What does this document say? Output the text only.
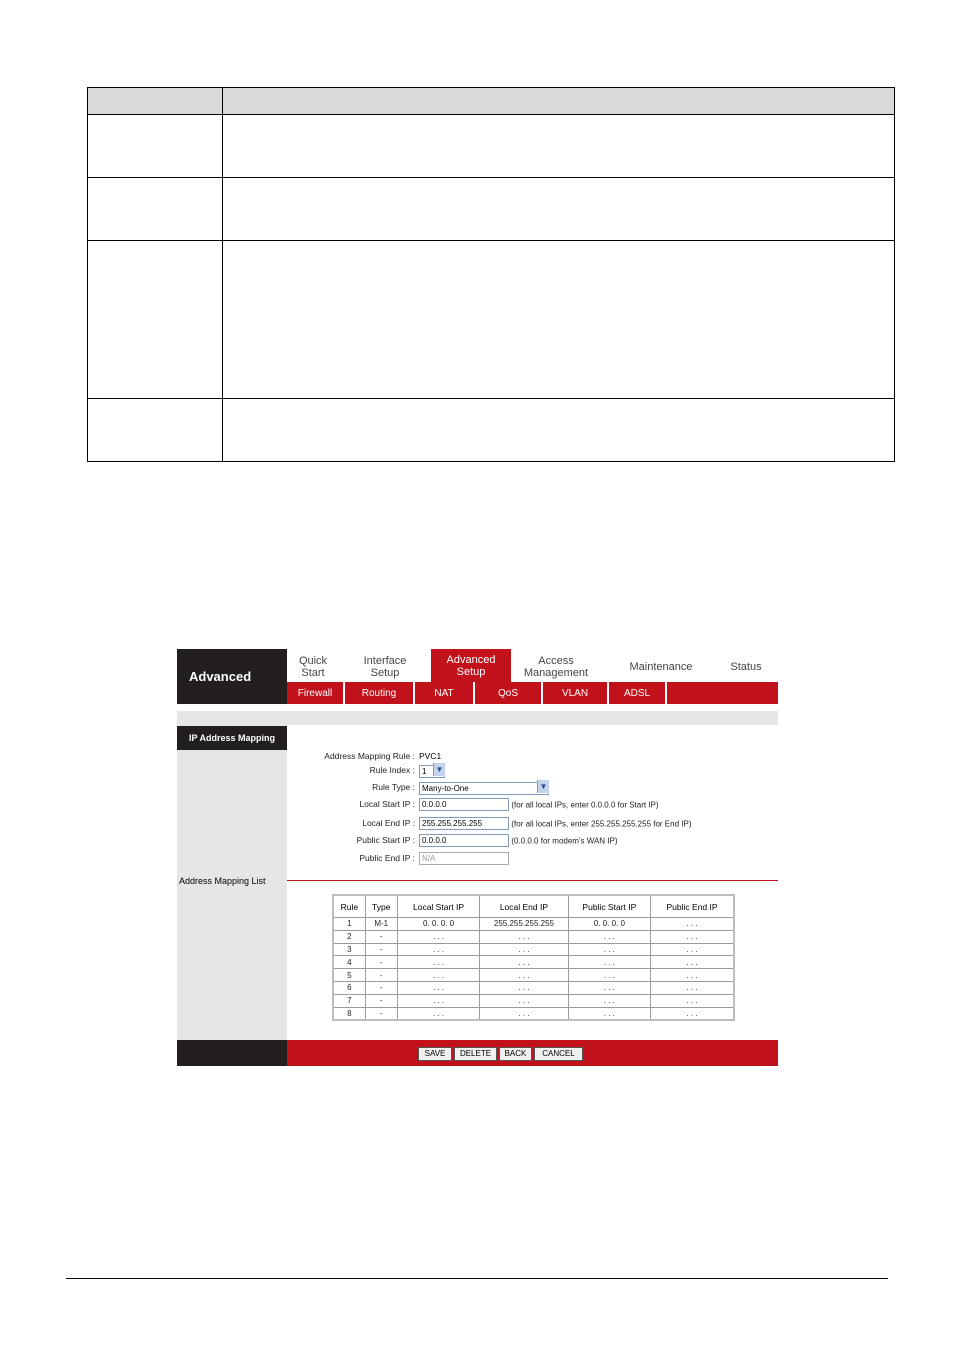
Advanced
Quick
Start
Interface
Setup
Advanced
Setup
Access
Management	Maintenance	Status
Firewall	Routing	NAT	QoS	VLAN	ADSL
IP Address Mapping
Address Mapping List
Address Mapping Rule : PVC1
Rule Index : 1	▼
Rule Type : Many-to-One	▼
Local Start IP : 0.0.0.0	(for all local IPs, enter 0.0.0.0 for Start IP)
Local End IP : 255.255.255.255	(for all local IPs, enter 255.255.255.255 for End IP)
Public Start IP : 0.0.0.0	(0.0.0.0 for modem's WAN IP)
Public End IP : N/A
Rule	Type	Local Start IP	Local End IP	Public Start IP	Public End IP
1	M-1	0. 0. 0. 0	255.255.255.255	0. 0. 0. 0	. . .
2	-	. . .	. . .	. . .	. . .
3	-	. . .	. . .	. . .	. . .
4	-	. . .	. . .	. . .	. . .
5	-	. . .	. . .	. . .	. . .
6	-	. . .	. . .	. . .	. . .
7	-	. . .	. . .	. . .	. . .
8	-	. . .	. . .	. . .	. . .
SAVE	DELETE	BACK	CANCEL
